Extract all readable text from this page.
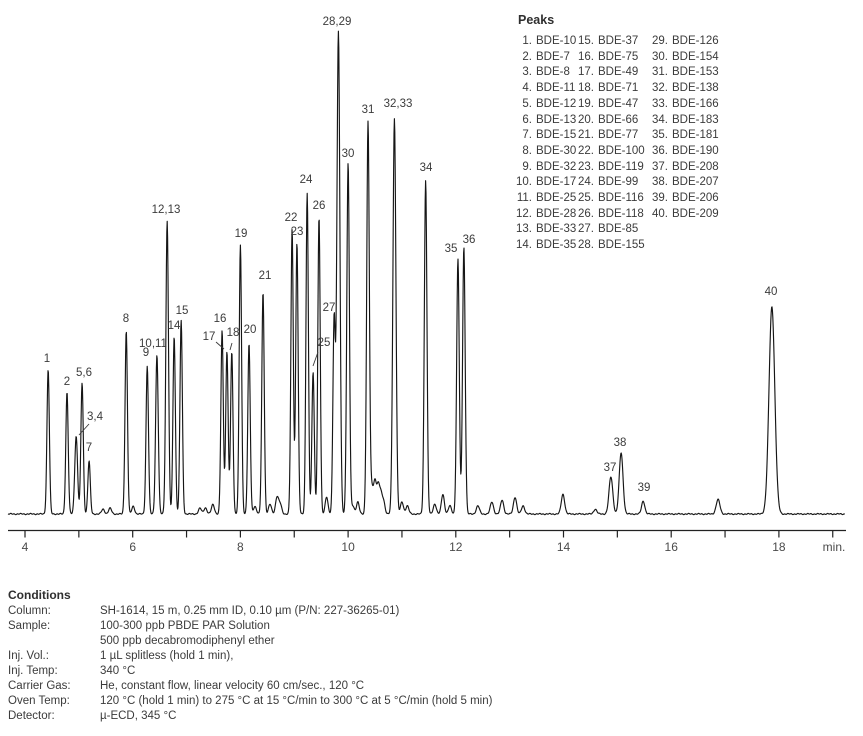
4	6	8	10	12	14	16	18	min.
1
2
3,4
5,6
7
8
9
10,11
12,13
14
15
16
17 18
19
20
21
22
23
24
25
26
27
28,29
30
31 32,33
34
35
36
37
38
39
40
Peaks
1. BDE-10
2. BDE-7
3. BDE-8
4. BDE-11
5. BDE-12
6. BDE-13
7. BDE-15
8. BDE-30
9. BDE-32
10. BDE-17
11. BDE-25
12. BDE-28
13. BDE-33
14. BDE-35
15. BDE-37
16. BDE-75
17. BDE-49
18. BDE-71
19. BDE-47
20. BDE-66
21. BDE-77
22. BDE-100
23. BDE-119
24. BDE-99
25. BDE-116
26. BDE-118
27. BDE-85
28. BDE-155
29. BDE-126
30. BDE-154
31. BDE-153
32. BDE-138
33. BDE-166
34. BDE-183
35. BDE-181
36. BDE-190
37. BDE-208
38. BDE-207
39. BDE-206
40. BDE-209
Conditions
Column:	SH-1614, 15 m, 0.25 mm ID, 0.10 µm (P/N: 227-36265-01)
Sample:	100-300 ppb PBDE PAR Solution
500 ppb decabromodiphenyl ether
Inj. Vol.:	1 µL splitless (hold 1 min),
Inj. Temp:	340 °C
Carrier Gas:	He, constant flow, linear velocity 60 cm/sec., 120 °C
Oven Temp:	120 °C (hold 1 min) to 275 °C at 15 °C/min to 300 °C at 5 °C/min (hold 5 min)
Detector:	µ-ECD, 345 °C
